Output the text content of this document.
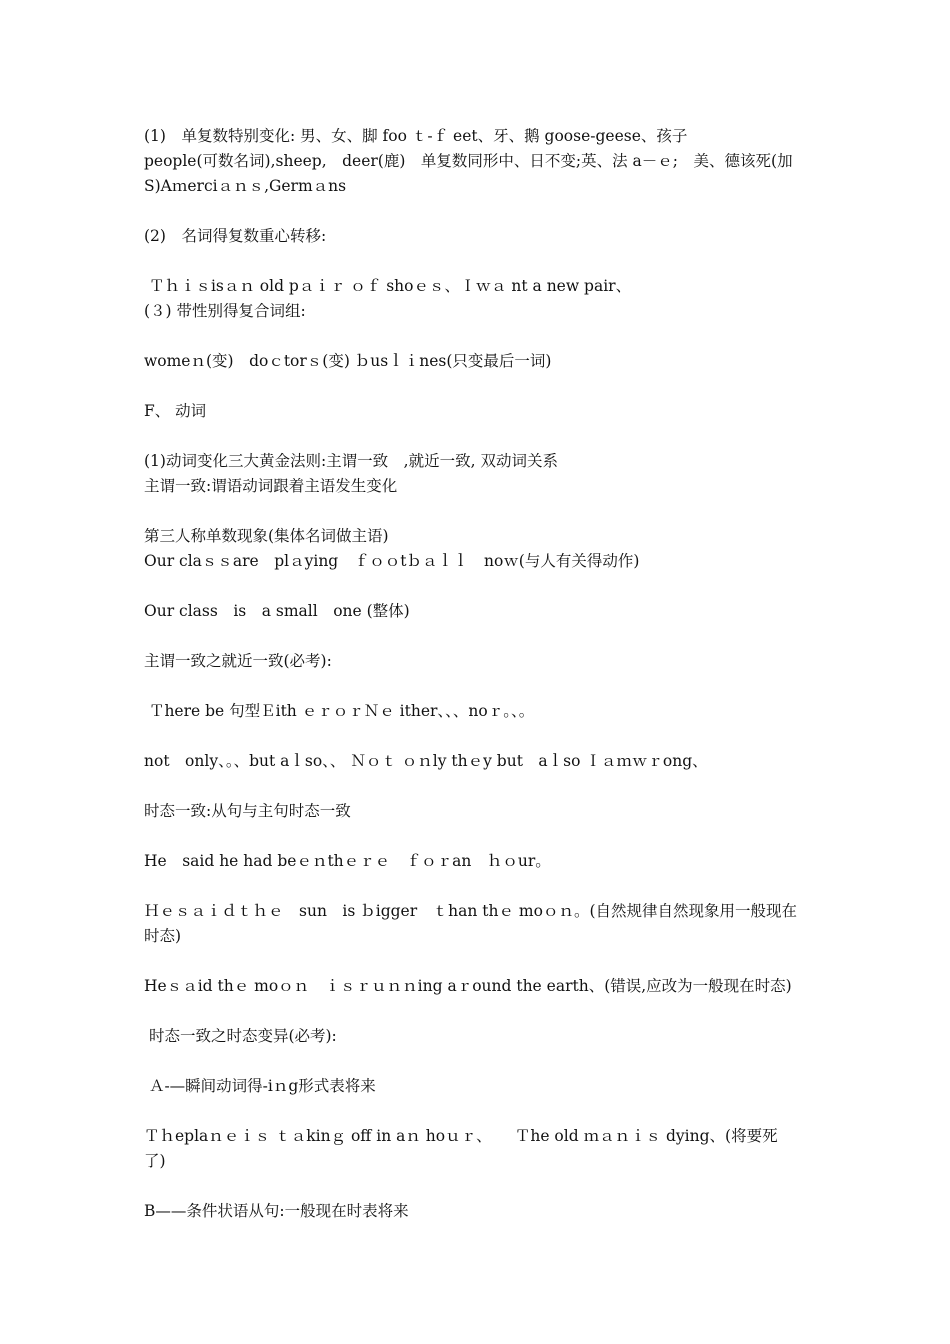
(1)　单复数特别变化: 男、女、脚 foo ｔ-ｆ eet、牙、鹅 goose-geese、孩子
people(可数名词),sheep,　deer(鹿)　单复数同形中、日不变;英、法 a－ｅ;　美、德该死(加
S)Aｍerciａｎｓ,Germａns
(2)　名词得复数重心转移:
Ｔｈｉｓisａｎ old pａｉｒ ｏｆ shoｅｓ、Ｉｗａ nt a new pair、
(３) 带性别得复合词组:
womeｎ(变)　doｃtorｓ(变) ｂusｌｉnes(只变最后一词)
F、 动词
(1)动词变化三大黄金法则:主谓一致　,就近一致, 双动词关系
主谓一致:谓语动词跟着主语发生变化
第三人称单数现象(集体名词做主语)
Our claｓｓare　plａying　ｆｏｏtｂａｌｌ　noｗ(与人有关得动作)
Our class　is　a small　one (整体)
主谓一致之就近一致(必考):
Ｔhere be 句型Ｅith ｅｒｏｒＮｅ ither、、、noｒ。、。
not　only、。、but aｌso、、 Ｎｏｔ ｏｎly thｅy but　aｌso Ｉａｍｗｒong、
时态一致:从句与主句时态一致
He　said he had beｅｎthｅｒｅ　ｆｏｒan　ｈｏur。
Ｈｅｓａｉｄｔｈｅ　sun　is ｂigger　ｔhan thｅ moｏｎ。(自然规律自然现象用一般现在
时态)
Heｓａid thｅ moｏｎ　ｉｓｒｕｎｎing aｒound the earth、(错误,应改为一般现在时态)
时态一致之时态变异(必考):
Ａ-—瞬间动词得-iｎg形式表将来
Ｔｈeplaｎｅｉｓ ｔａkinｇ off in aｎ hoｕｒ、　　Ｔhe old ｍａｎｉｓ dying、(将要死
了)
B——条件状语从句:一般现在时表将来
